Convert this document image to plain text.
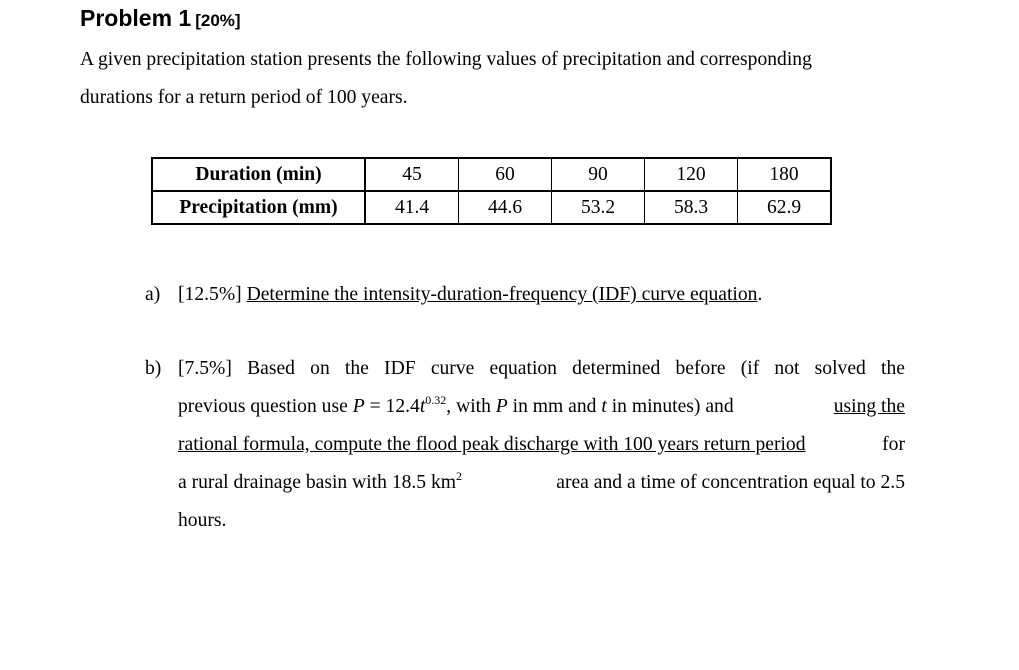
Problem 1 [20%]

A given precipitation station presents the following values of precipitation and corresponding
durations for a return period of 100 years.

Duration (min)	45	60	90	120	180
Precipitation (mm)	41.4	44.6	53.2	58.3	62.9
a) [12.5%] Determine the intensity-duration-frequency (IDF) curve equation.
b) [7.5%] Based on the IDF curve equation determined before (if not solved the
previous question use $P = 12.4t^{0.32}$, with P in mm and t in minutes) and	using the
rational formula, compute the flood peak discharge with 100 years return period	for
a rural drainage basin with 18.5 $km^2$	area and a time of concentration equal to 2.5
hours.
